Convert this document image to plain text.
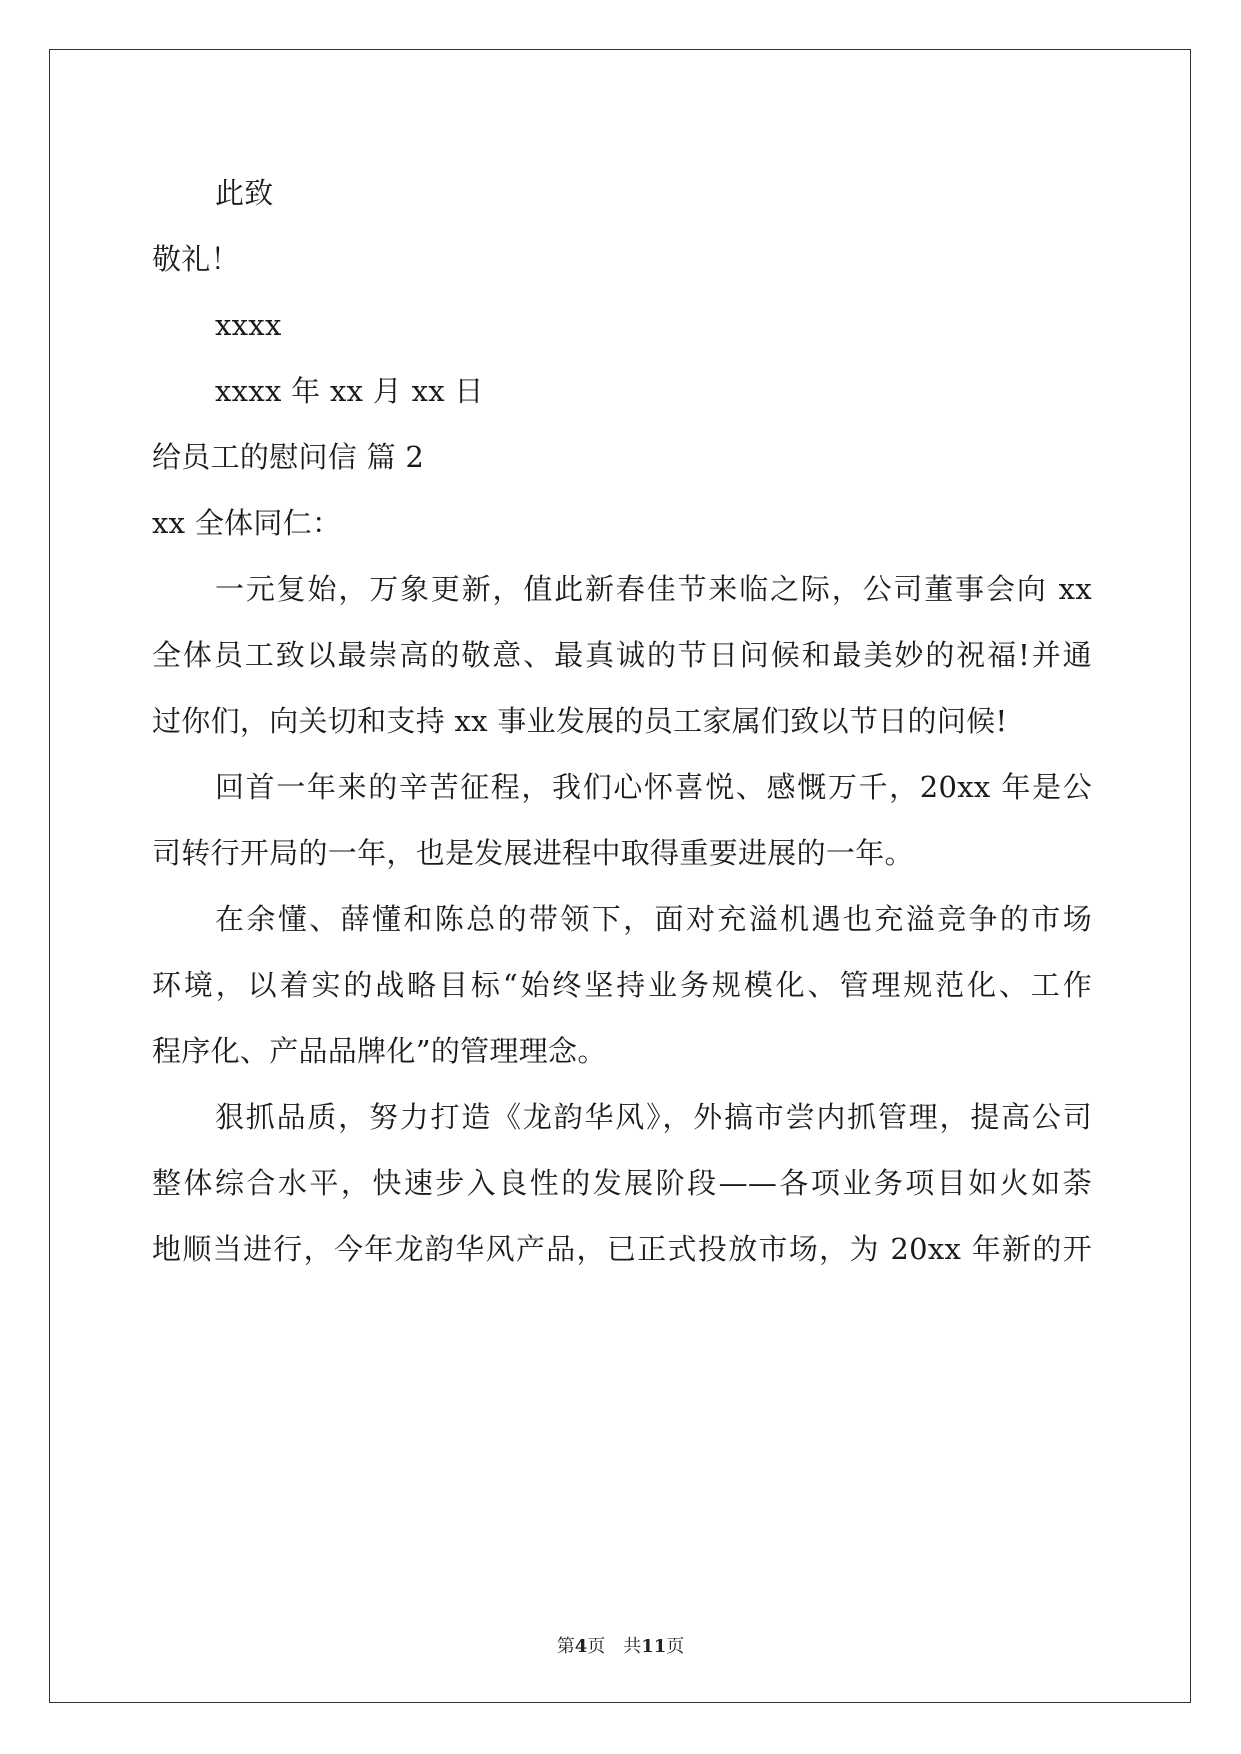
此致
敬礼！
xxxx
xxxx 年 xx 月 xx 日
给员工的慰问信 篇 2
xx 全体同仁：
一元复始，万象更新，值此新春佳节来临之际，公司董事会向 xx
全体员工致以最崇高的敬意、最真诚的节日问候和最美妙的祝福!并通
过你们，向关切和支持 xx 事业发展的员工家属们致以节日的问候!
回首一年来的辛苦征程，我们心怀喜悦、感慨万千，20xx 年是公
司转行开局的一年，也是发展进程中取得重要进展的一年。
在余懂、薛懂和陈总的带领下，面对充溢机遇也充溢竞争的市场
环境，以着实的战略目标“始终坚持业务规模化、管理规范化、工作
程序化、产品品牌化”的管理理念。
狠抓品质，努力打造《龙韵华风》，外搞市尝内抓管理，提高公司
整体综合水平，快速步入良性的发展阶段——各项业务项目如火如荼
地顺当进行，今年龙韵华风产品，已正式投放市场，为 20xx 年新的开
第4页　共11页
